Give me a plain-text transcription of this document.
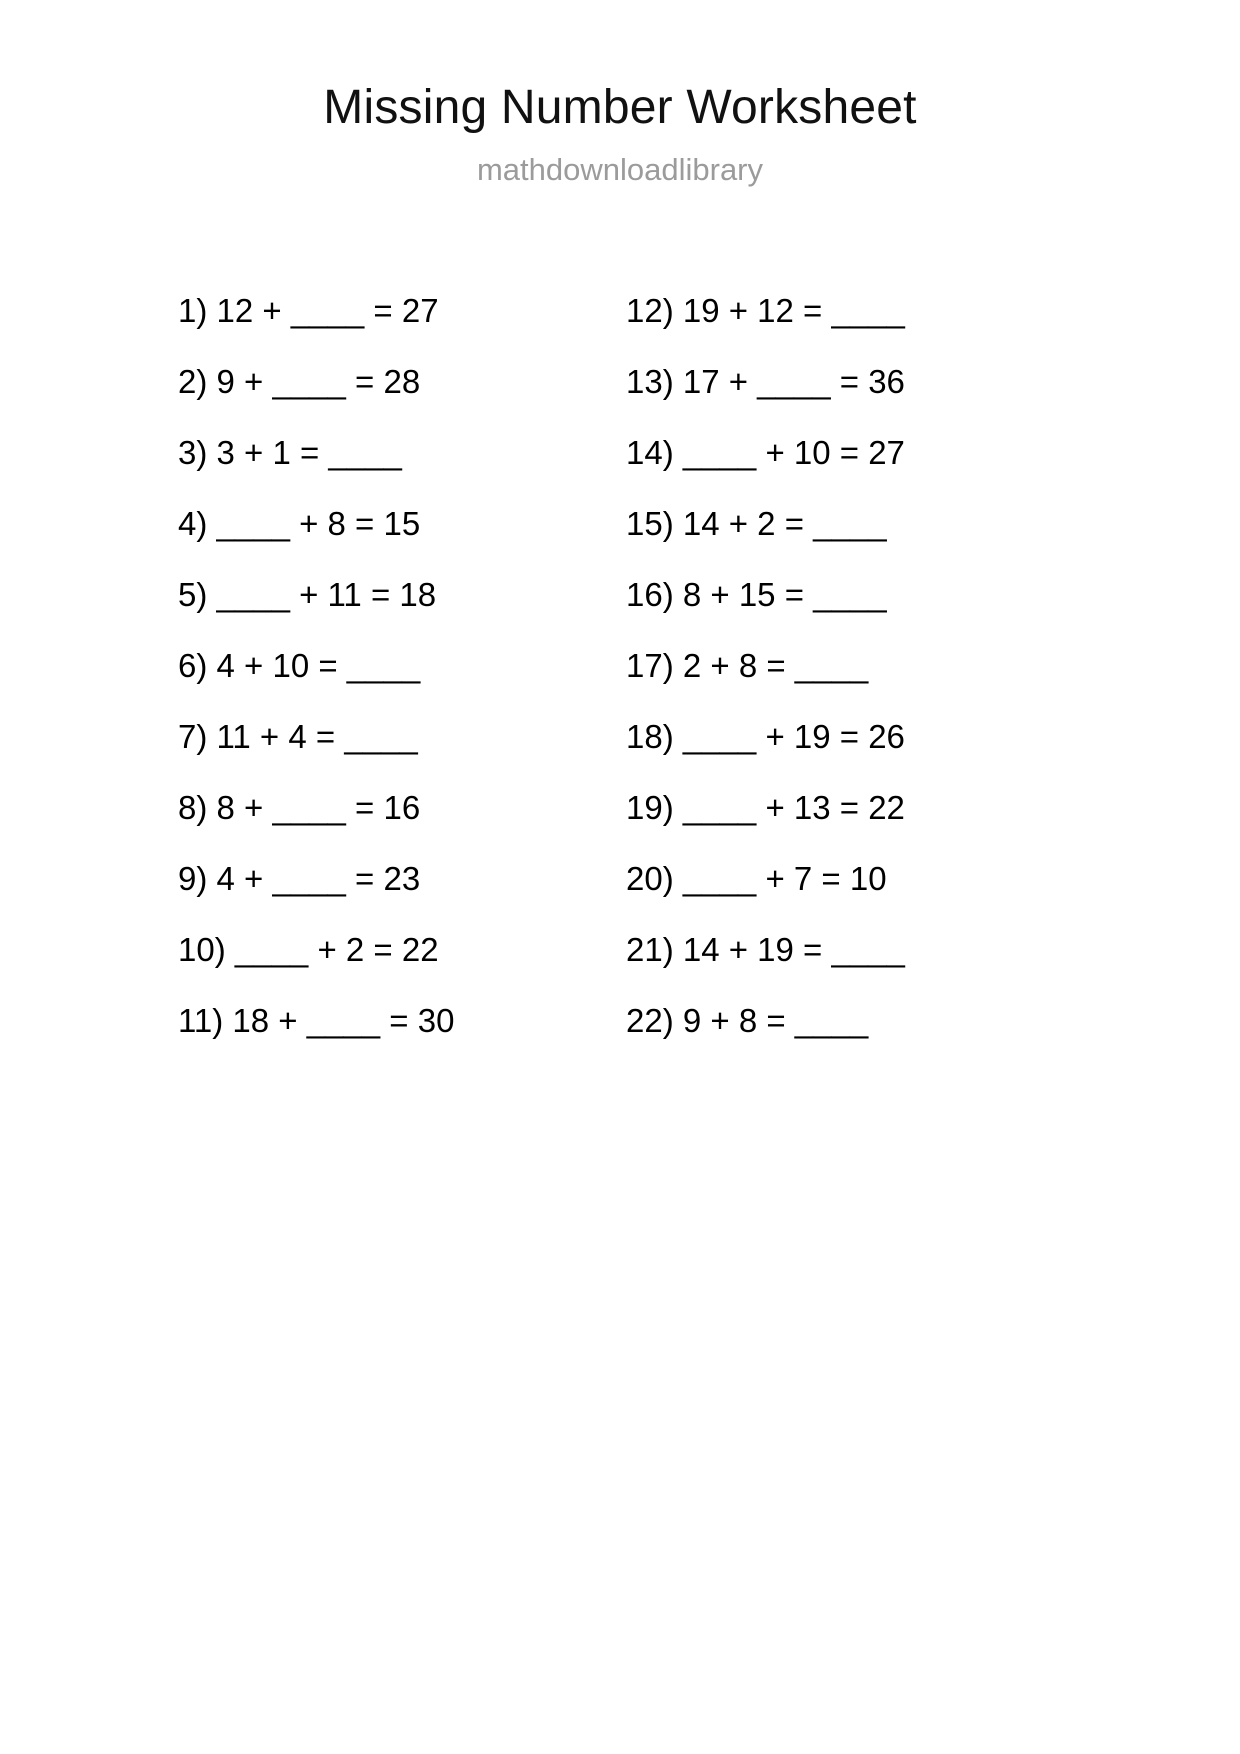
Missing Number Worksheet

mathdownloadlibrary

1) 12 + ____ = 27
2) 9 + ____ = 28
3) 3 + 1 = ____
4) ____ + 8 = 15
5) ____ + 11 = 18
6) 4 + 10 = ____
7) 11 + 4 = ____
8) 8 + ____ = 16
9) 4 + ____ = 23
10) ____ + 2 = 22
11) 18 + ____ = 30
12) 19 + 12 = ____
13) 17 + ____ = 36
14) ____ + 10 = 27
15) 14 + 2 = ____
16) 8 + 15 = ____
17) 2 + 8 = ____
18) ____ + 19 = 26
19) ____ + 13 = 22
20) ____ + 7 = 10
21) 14 + 19 = ____
22) 9 + 8 = ____
